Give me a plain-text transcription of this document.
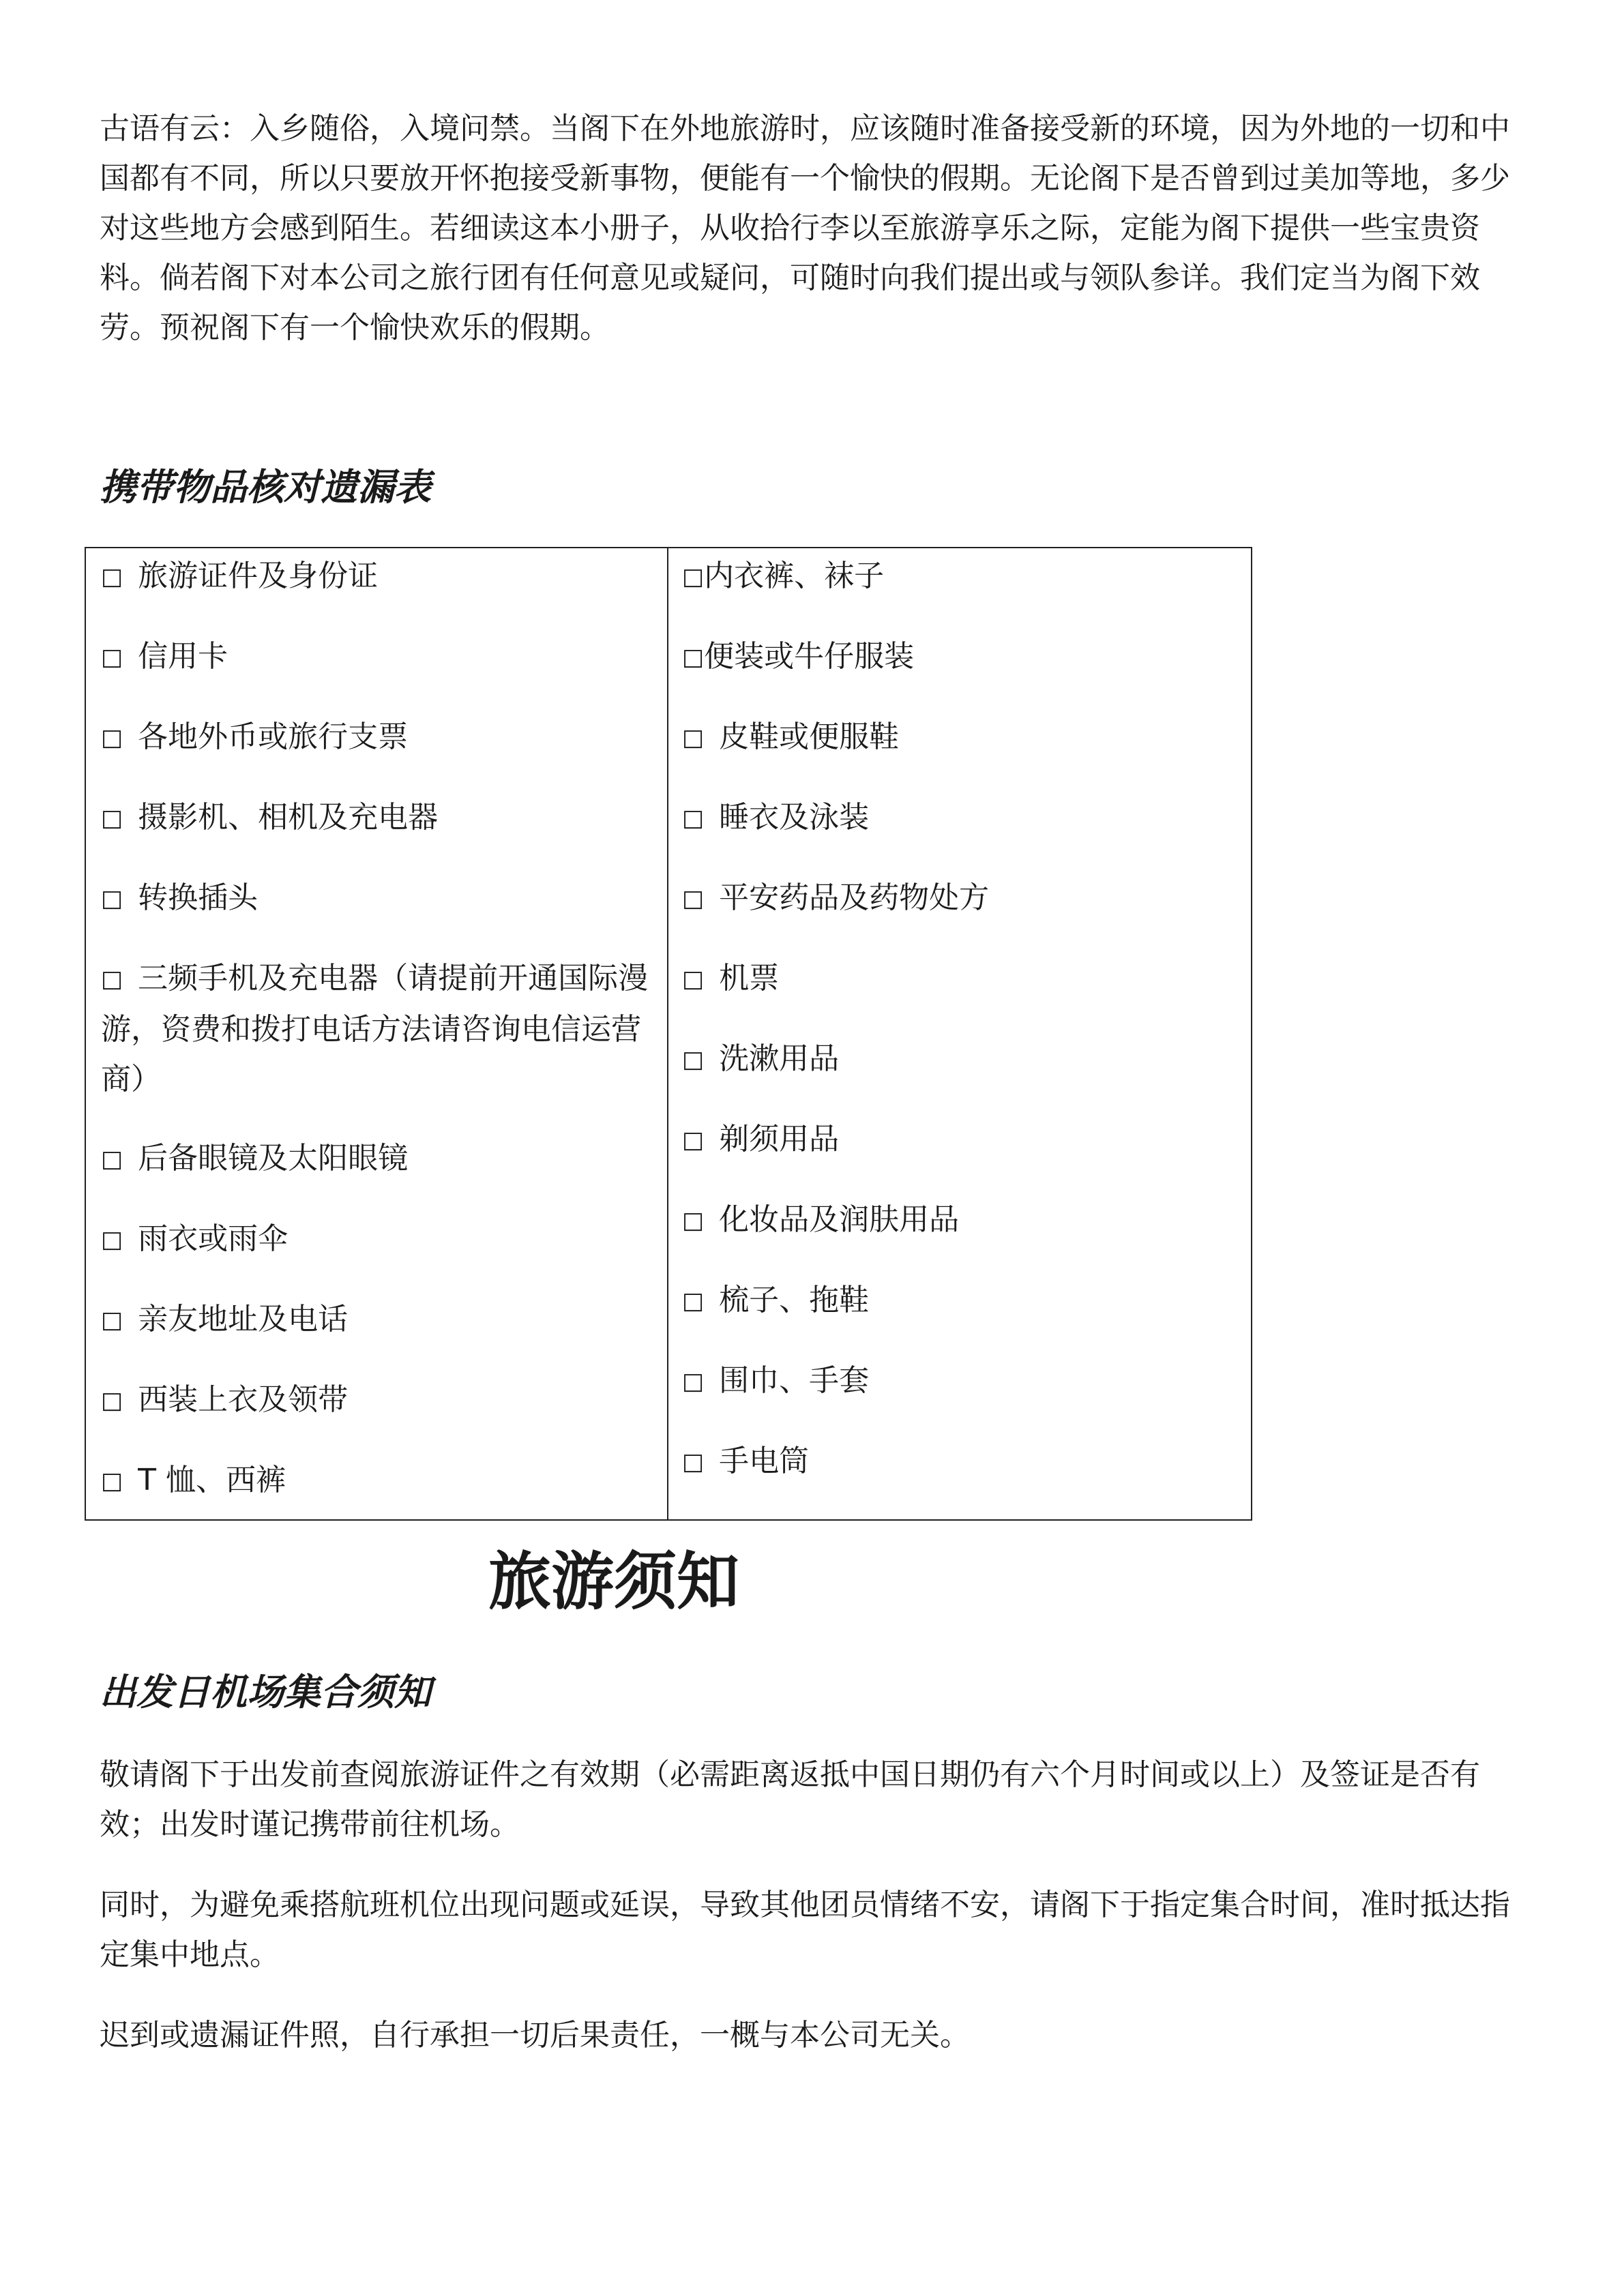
古语有云：入乡随俗，入境问禁。当阁下在外地旅游时，应该随时准备接受新的环境，因为外地的一切和中国都有不同，所以只要放开怀抱接受新事物，便能有一个愉快的假期。无论阁下是否曾到过美加等地，多少对这些地方会感到陌生。若细读这本小册子，从收拾行李以至旅游享乐之际，定能为阁下提供一些宝贵资料。倘若阁下对本公司之旅行团有任何意见或疑问，可随时向我们提出或与领队参详。我们定当为阁下效劳。预祝阁下有一个愉快欢乐的假期。

携带物品核对遗漏表
□  旅游证件及身份证
□  信用卡
□  各地外币或旅行支票
□  摄影机、相机及充电器
□  转换插头
□  三频手机及充电器（请提前开通国际漫游，资费和拨打电话方法请咨询电信运营商）
□  后备眼镜及太阳眼镜
□  雨衣或雨伞
□  亲友地址及电话
□  西装上衣及领带
□  T 恤、西裤
□内衣裤、袜子
□便装或牛仔服装
□  皮鞋或便服鞋
□  睡衣及泳装
□  平安药品及药物处方
□  机票
□  洗漱用品
□  剃须用品
□  化妆品及润肤用品
□  梳子、拖鞋
□  围巾、手套
□  手电筒
旅游须知
出发日机场集合须知

敬请阁下于出发前查阅旅游证件之有效期（必需距离返抵中国日期仍有六个月时间或以上）及签证是否有效；出发时谨记携带前往机场。

同时，为避免乘搭航班机位出现问题或延误，导致其他团员情绪不安，请阁下于指定集合时间，准时抵达指定集中地点。

迟到或遗漏证件照，自行承担一切后果责任，一概与本公司无关。
